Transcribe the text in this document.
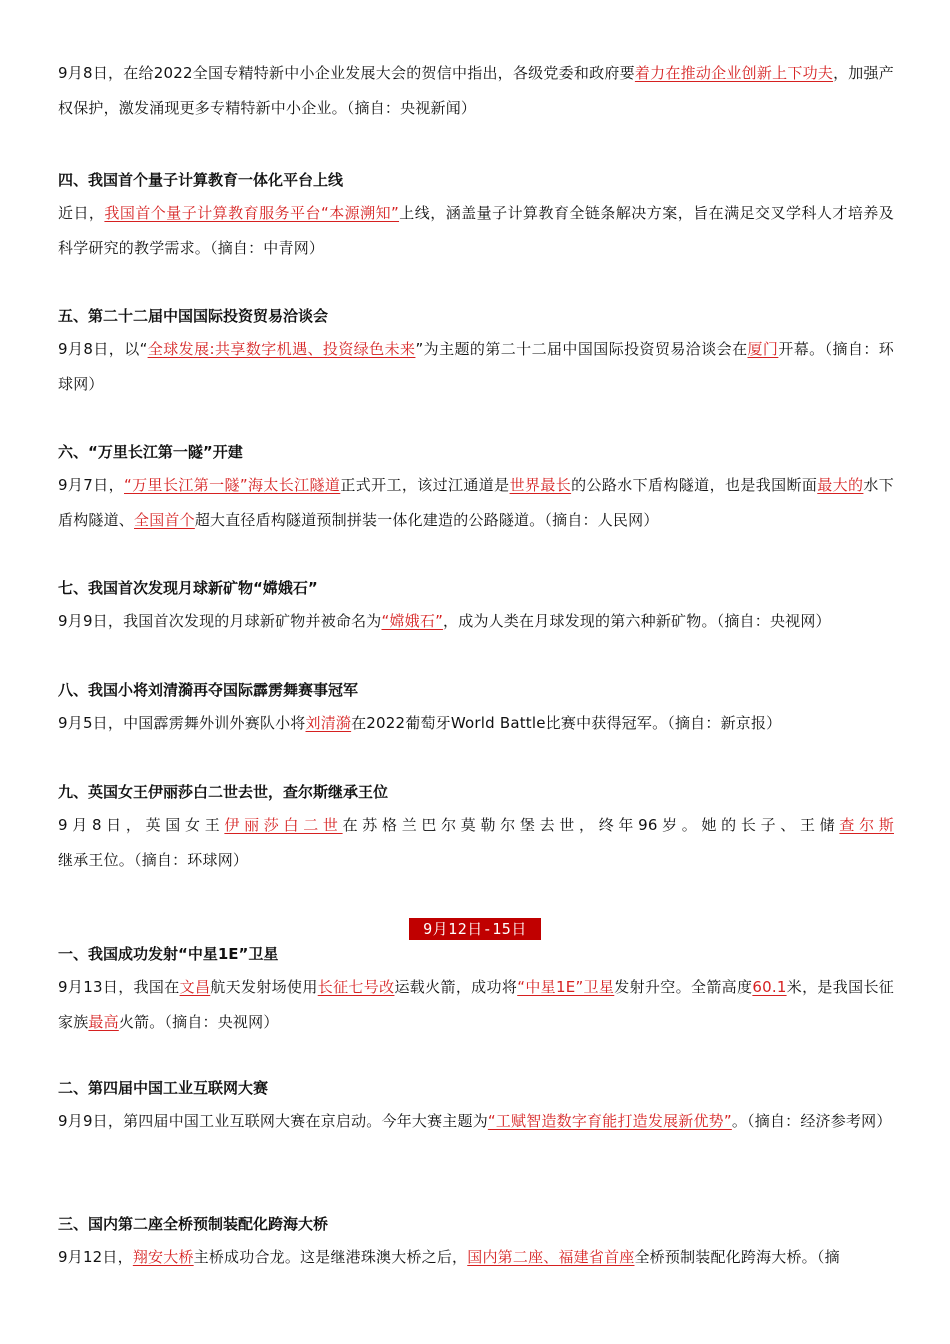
9月8日，在给2022全国专精特新中小企业发展大会的贺信中指出，各级党委和政府要着力在推动企业创新上下功夫，加强产权保护，激发涌现更多专精特新中小企业。（摘自：央视新闻）

四、我国首个量子计算教育一体化平台上线

近日，我国首个量子计算教育服务平台“本源溯知”上线，涵盖量子计算教育全链条解决方案，旨在满足交叉学科人才培养及科学研究的教学需求。（摘自：中青网）

五、第二十二届中国国际投资贸易洽谈会

9月8日，以“全球发展:共享数字机遇、投资绿色未来”为主题的第二十二届中国国际投资贸易洽谈会在厦门开幕。（摘自：环球网）

六、“万里长江第一隧”开建

9月7日，“万里长江第一隧”海太长江隧道正式开工，该过江通道是世界最长的公路水下盾构隧道，也是我国断面最大的水下盾构隧道、全国首个超大直径盾构隧道预制拼装一体化建造的公路隧道。（摘自：人民网）

七、我国首次发现月球新矿物“嫦娥石”

9月9日，我国首次发现的月球新矿物并被命名为“嫦娥石”，成为人类在月球发现的第六种新矿物。（摘自：央视网）

八、我国小将刘清漪再夺国际霹雳舞赛事冠军

9月5日，中国霹雳舞外训外赛队小将刘清漪在2022葡萄牙World Battle比赛中获得冠军。（摘自：新京报）

九、英国女王伊丽莎白二世去世，查尔斯继承王位

9月8日，英国女王伊丽莎白二世在苏格兰巴尔莫勒尔堡去世，终年96岁。她的长子、王储查尔斯继承王位。（摘自：环球网）

9月12日-15日
一、我国成功发射“中星1E”卫星

9月13日，我国在文昌航天发射场使用长征七号改运载火箭，成功将“中星1E”卫星发射升空。全箭高度60.1米，是我国长征家族最高火箭。（摘自：央视网）

二、第四届中国工业互联网大赛

9月9日，第四届中国工业互联网大赛在京启动。今年大赛主题为“工赋智造数字育能打造发展新优势”。（摘自：经济参考网）

三、国内第二座全桥预制装配化跨海大桥

9月12日，翔安大桥主桥成功合龙。这是继港珠澳大桥之后，国内第二座、福建省首座全桥预制装配化跨海大桥。（摘
